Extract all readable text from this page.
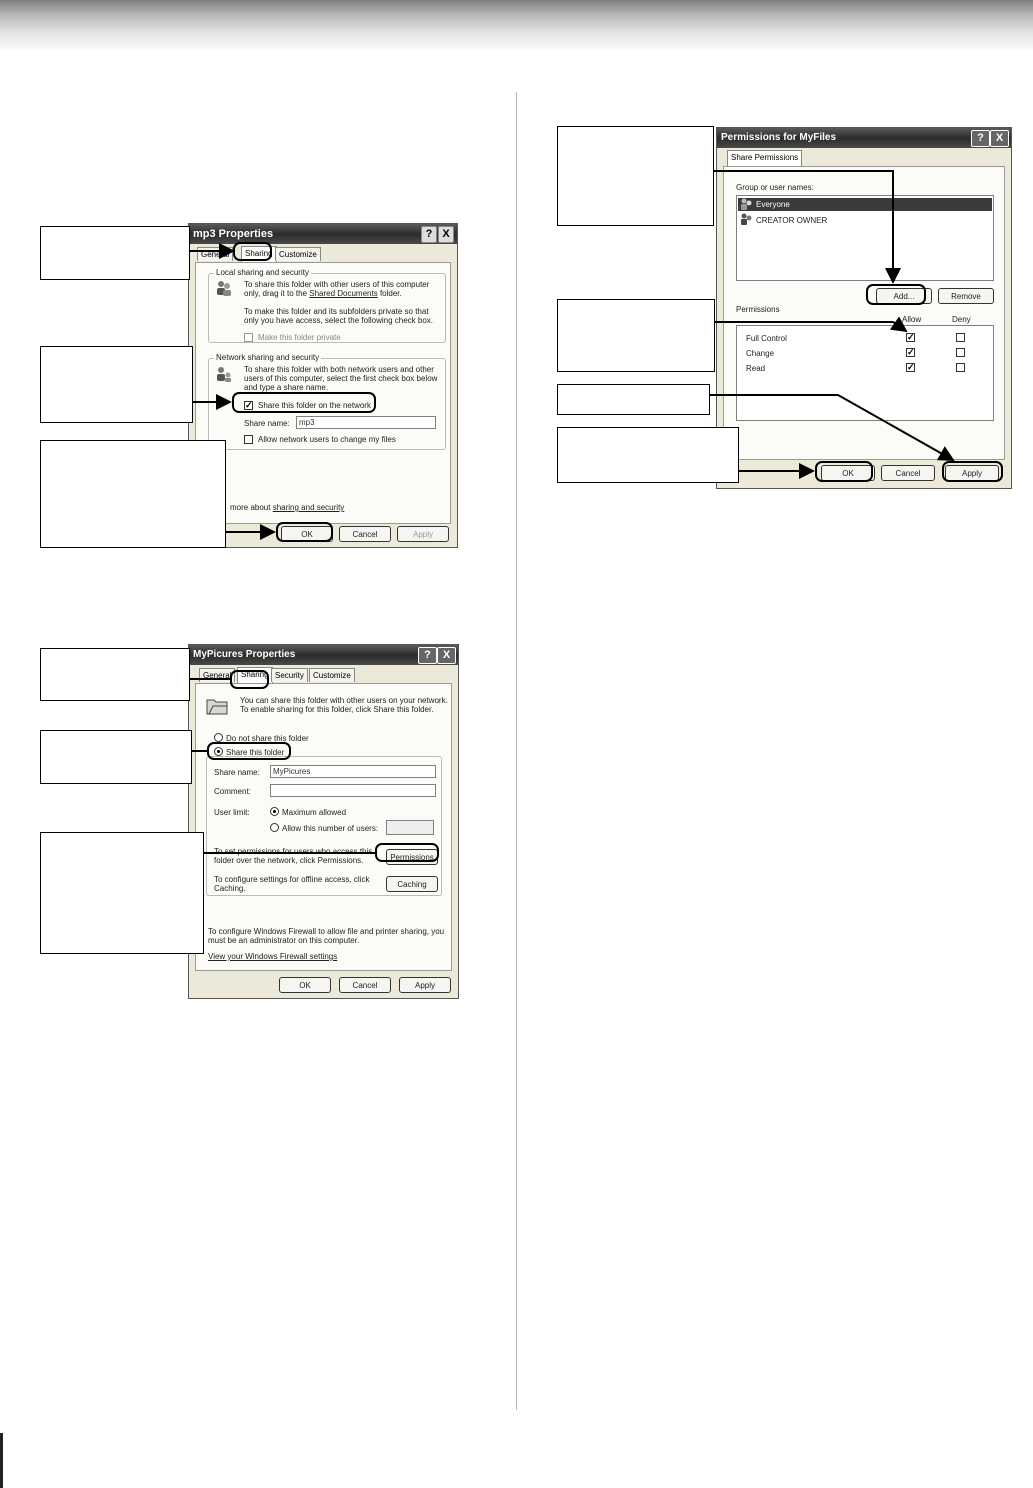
mp3 Properties	? X
General	Sharing Customize
Local sharing and security
To share this folder with other users of this computer
only, drag it to the Shared Documents folder.
To make this folder and its subfolders private so that only you have access, select the following check box.
Make this folder private
Network sharing and security
To share this folder with both network users and other users of this computer, select the first check box below and type a share name.
✓ Share this folder on the network
Share name:	mp3
Allow network users to change my files
more about sharing and security
OK	Cancel	Apply
MyPicures Properties	?	X
General	Sharing Security	Customize
You can share this folder with other users on your network. To enable sharing for this folder, click Share this folder.
Do not share this folder
Share this folder
Share name:	MyPicures
Comment:
User limit:	Maximum allowed
Allow this number of users:
To set permissions for users who access this folder over the network, click Permissions.	Permissions
To configure settings for offline access, click Caching.	Caching
To configure Windows Firewall to allow file and printer sharing, you must be an administrator on this computer.
View your Windows Firewall settings
OK	Cancel	Apply
Permissions for MyFiles	?	X
Share Permissions
Group or user names:
Everyone
CREATOR OWNER
Add...	Remove
Permissions
Allow	Deny
Full Control	✓
Change	✓
Read	✓
OK	Cancel	Apply
